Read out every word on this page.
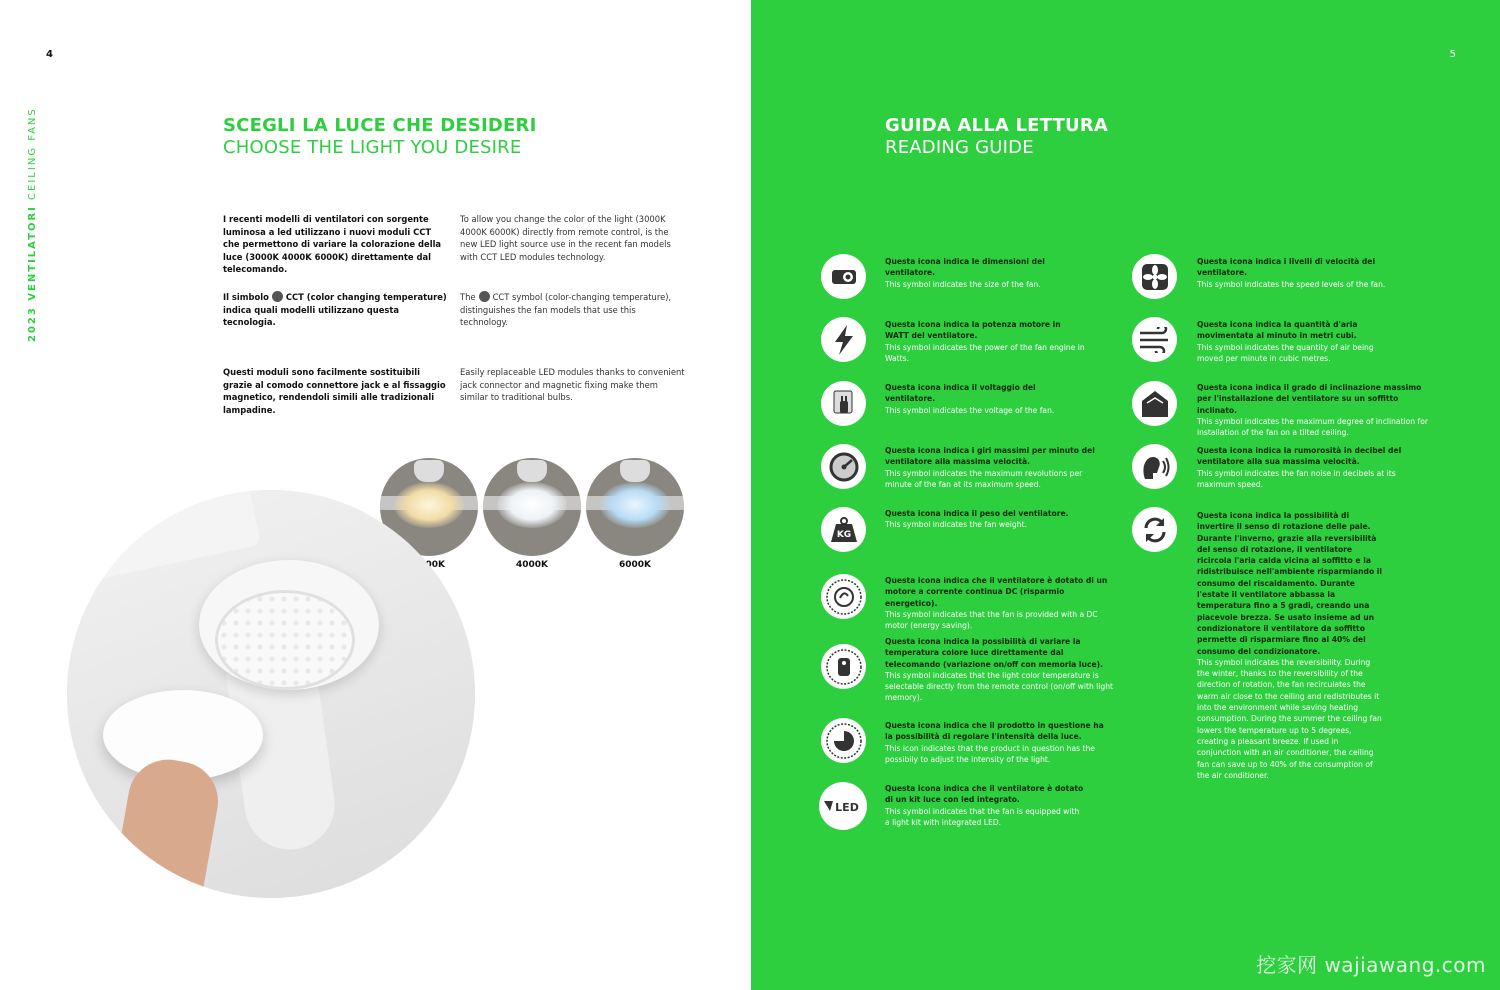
4
2023 VENTILATORI CEILING FANS	SCEGLI LA LUCE CHE DESIDERI
CHOOSE THE LIGHT YOU DESIRE
I recenti modelli di ventilatori con sorgente luminosa a led utilizzano i nuovi moduli CCT che permettono di variare la colorazione della luce (3000K 4000K 6000K) direttamente dal telecomando.
To allow you change the color of the light (3000K 4000K 6000K) directly from remote control, is the new LED light source use in the recent fan models with CCT LED modules technology.
Il simbolo CCT (color changing temperature) indica quali modelli utilizzano questa tecnologia.
The CCT symbol (color-changing temperature), distinguishes the fan models that use this technology.
Questi moduli sono facilmente sostituibili grazie al comodo connettore jack e al fissaggio magnetico, rendendoli simili alle tradizionali lampadine.
Easily replaceable LED modules thanks to convenient jack connector and magnetic fixing make them similar to traditional bulbs.
4000K	6000K
5
GUIDA ALLA LETTURA
READING GUIDE
Questa icona indica le dimensioni del ventilatore.
This symbol indicates the size of the fan.
Questa icona indica la potenza motore in WATT del ventilatore.
This symbol indicates the power of the fan engine in Watts.
Questa icona indica il voltaggio del ventilatore.
This symbol indicates the voltage of the fan.
Questa icona indica i giri massimi per minuto del ventilatore alla massima velocità.
This symbol indicates the maximum revolutions per minute of the fan at its maximum speed.
KG
Questa icona indica il peso del ventilatore.
This symbol indicates the fan weight.
Questa icona indica che il ventilatore è dotato di un motore a corrente continua DC (risparmio energetico).
This symbol indicates that the fan is provided with a DC motor (energy saving).
Questa icona indica la possibilità di variare la temperatura colore luce direttamente dal telecomando (variazione on/off con memoria luce).
This symbol indicates that the light color temperature is selectable directly from the remote control (on/off with light memory).
Questa icona indica che il prodotto in questione ha la possibilità di regolare l'intensità della luce.
This icon indicates that the product in question has the possibily to adjust the intensity of the light.
LED
Questa icona indica che il ventilatore è dotato di un kit luce con led integrato.
This symbol indicates that the fan is equipped with a light kit with integrated LED.
Questa icona indica i livelli di velocità del ventilatore.
This symbol indicates the speed levels of the fan.
Questa icona indica la quantità d'aria movimentata al minuto in metri cubi.
This symbol indicates the quantity of air being moved per minute in cubic metres.
Questa icona indica il grado di inclinazione massimo per l'installazione del ventilatore su un soffitto inclinato.
This symbol indicates the maximum degree of inclination for installation of the fan on a tilted ceiling.
Questa icona indica la rumorosità in decibel del ventilatore alla sua massima velocità.
This symbol indicates the fan noise in decibels at its maximum speed.
Questa icona indica la possibilità di invertire il senso di rotazione delle pale. Durante l'inverno, grazie alla reversibilità del senso di rotazione, il ventilatore ricircola l'aria calda vicina al soffitto e la ridistribuisce nell'ambiente risparmiando il consumo del riscaldamento. Durante l'estate il ventilatore abbassa la temperatura fino a 5 gradi, creando una piacevole brezza. Se usato insieme ad un condizionatore il ventilatore da soffitto permette di risparmiare fino al 40% del consumo del condizionatore.
This symbol indicates the reversibility. During the winter, thanks to the reversibility of the direction of rotation, the fan recirculates the warm air close to the ceiling and redistributes it into the environment while saving heating consumption. During the summer the ceiling fan lowers the temperature up to 5 degrees, creating a pleasant breeze. If used in conjunction with an air conditioner, the ceiling fan can save up to 40% of the consumption of the air conditioner.
挖家网 wajiawang.com
